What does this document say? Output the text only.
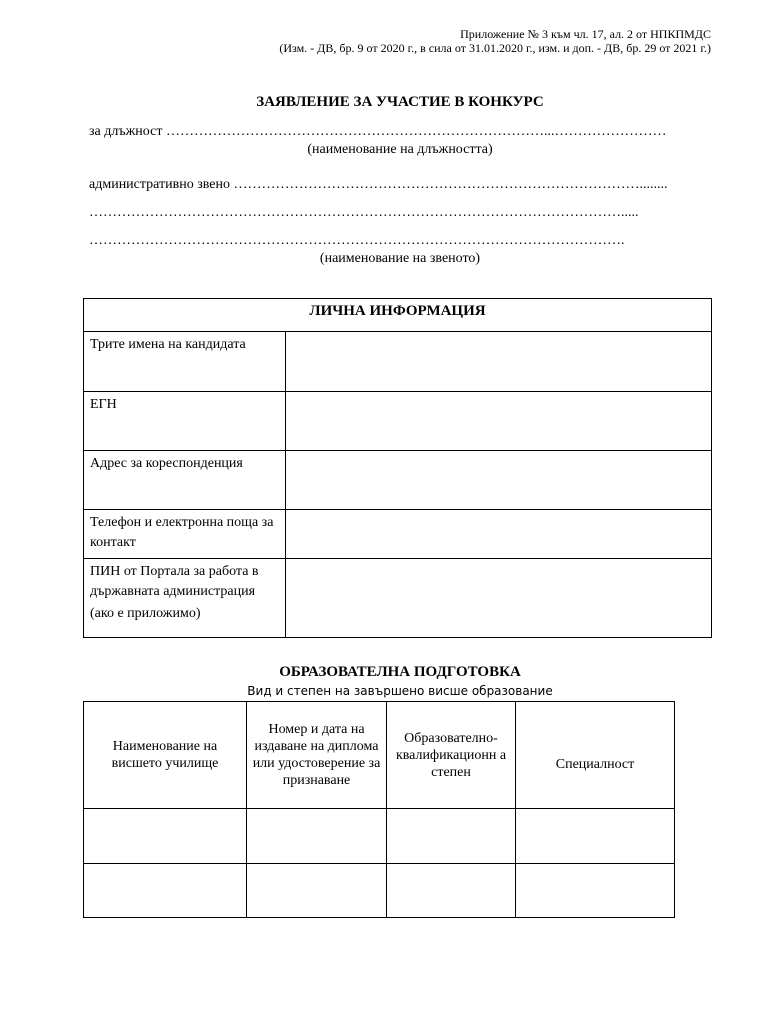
Приложение № 3 към чл. 17, ал. 2 от НПКПМДС
(Изм. - ДВ, бр. 9 от 2020 г., в сила от 31.01.2020 г., изм. и доп. - ДВ, бр. 29 от 2021 г.)
ЗАЯВЛЕНИЕ ЗА УЧАСТИЕ В КОНКУРС
за длъжност ………………………………………………………………………...……………………
(наименование на длъжността)
административно звено ……………………………………………………………………………........
…………………………………………………………………………………………………….....
…………………………………………………………………………………………………….
(наименование на звеното)
ЛИЧНА ИНФОРМАЦИЯ	
Трите имена на кандидата	
ЕГН	
Адрес за кореспонденция	
Телефон и електронна поща за контакт	

ПИН от Портала за работа в държавната администрация
(ако е приложимо)	

ОБРАЗОВАТЕЛНА ПОДГОТОВКА
Вид и степен на завършено висше образование
Наименование на висшето училище	Номер и дата на издаване на диплома или удостоверение за признаване	Образователно-квалификационн а степен	Специалност
